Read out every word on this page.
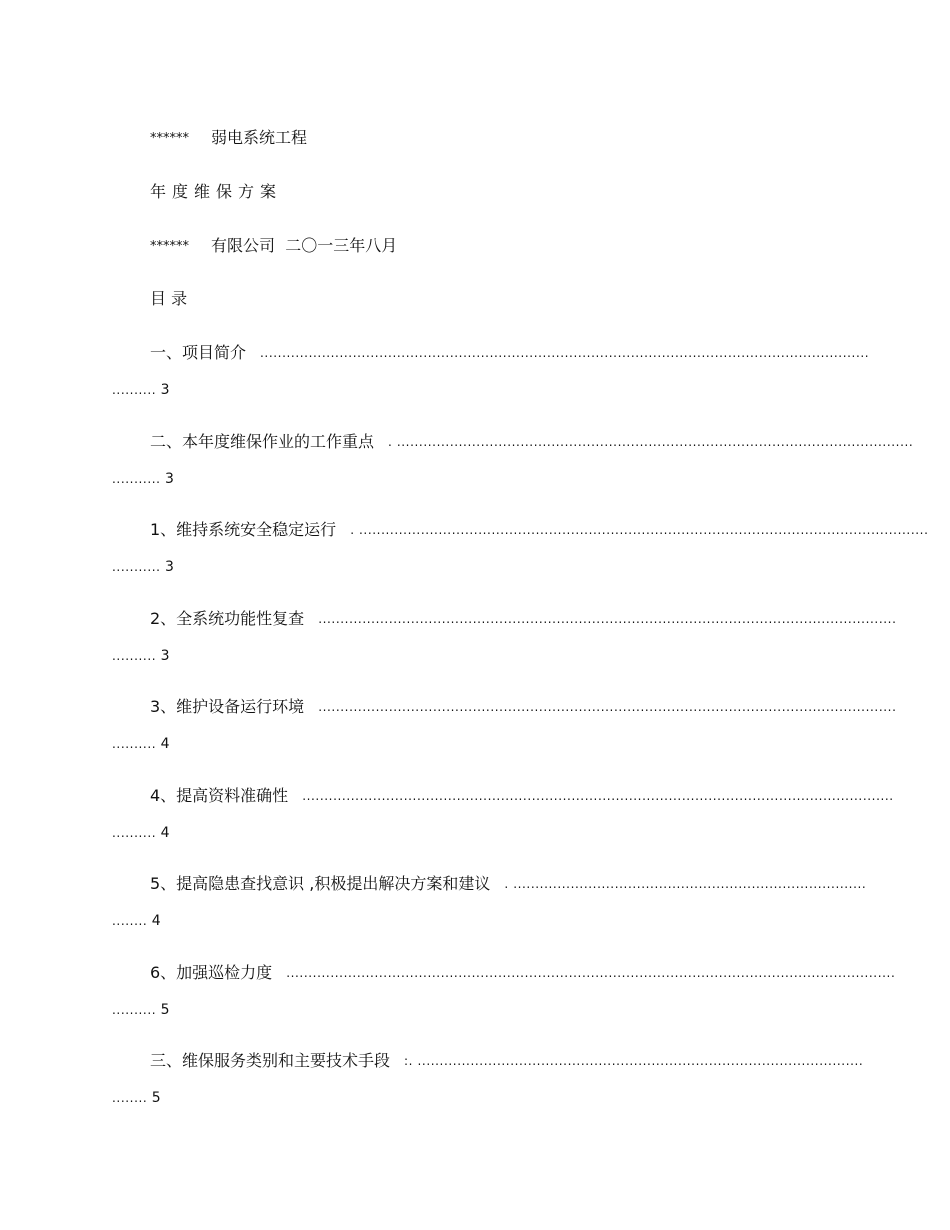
****** 弱电系统工程
年度维保方案
****** 有限公司 二〇一三年八月
目 录
一、项目简介 ..........................................................................................................................................
.......... 3
二、本年度维保作业的工作重点 . .....................................................................................................................
........... 3
1、维持系统安全稳定运行 . .................................................................................................................................
........... 3
2、全系统功能性复查 ...................................................................................................................................
.......... 3
3、维护设备运行环境 ...................................................................................................................................
.......... 4
4、提高资料准确性 ......................................................................................................................................
.......... 4
5、提高隐患查找意识 ,积极提出解决方案和建议 . ................................................................................
........ 4
6、加强巡检力度 ..........................................................................................................................................
.......... 5
三、维保服务类别和主要技术手段 :. .....................................................................................................
........ 5
